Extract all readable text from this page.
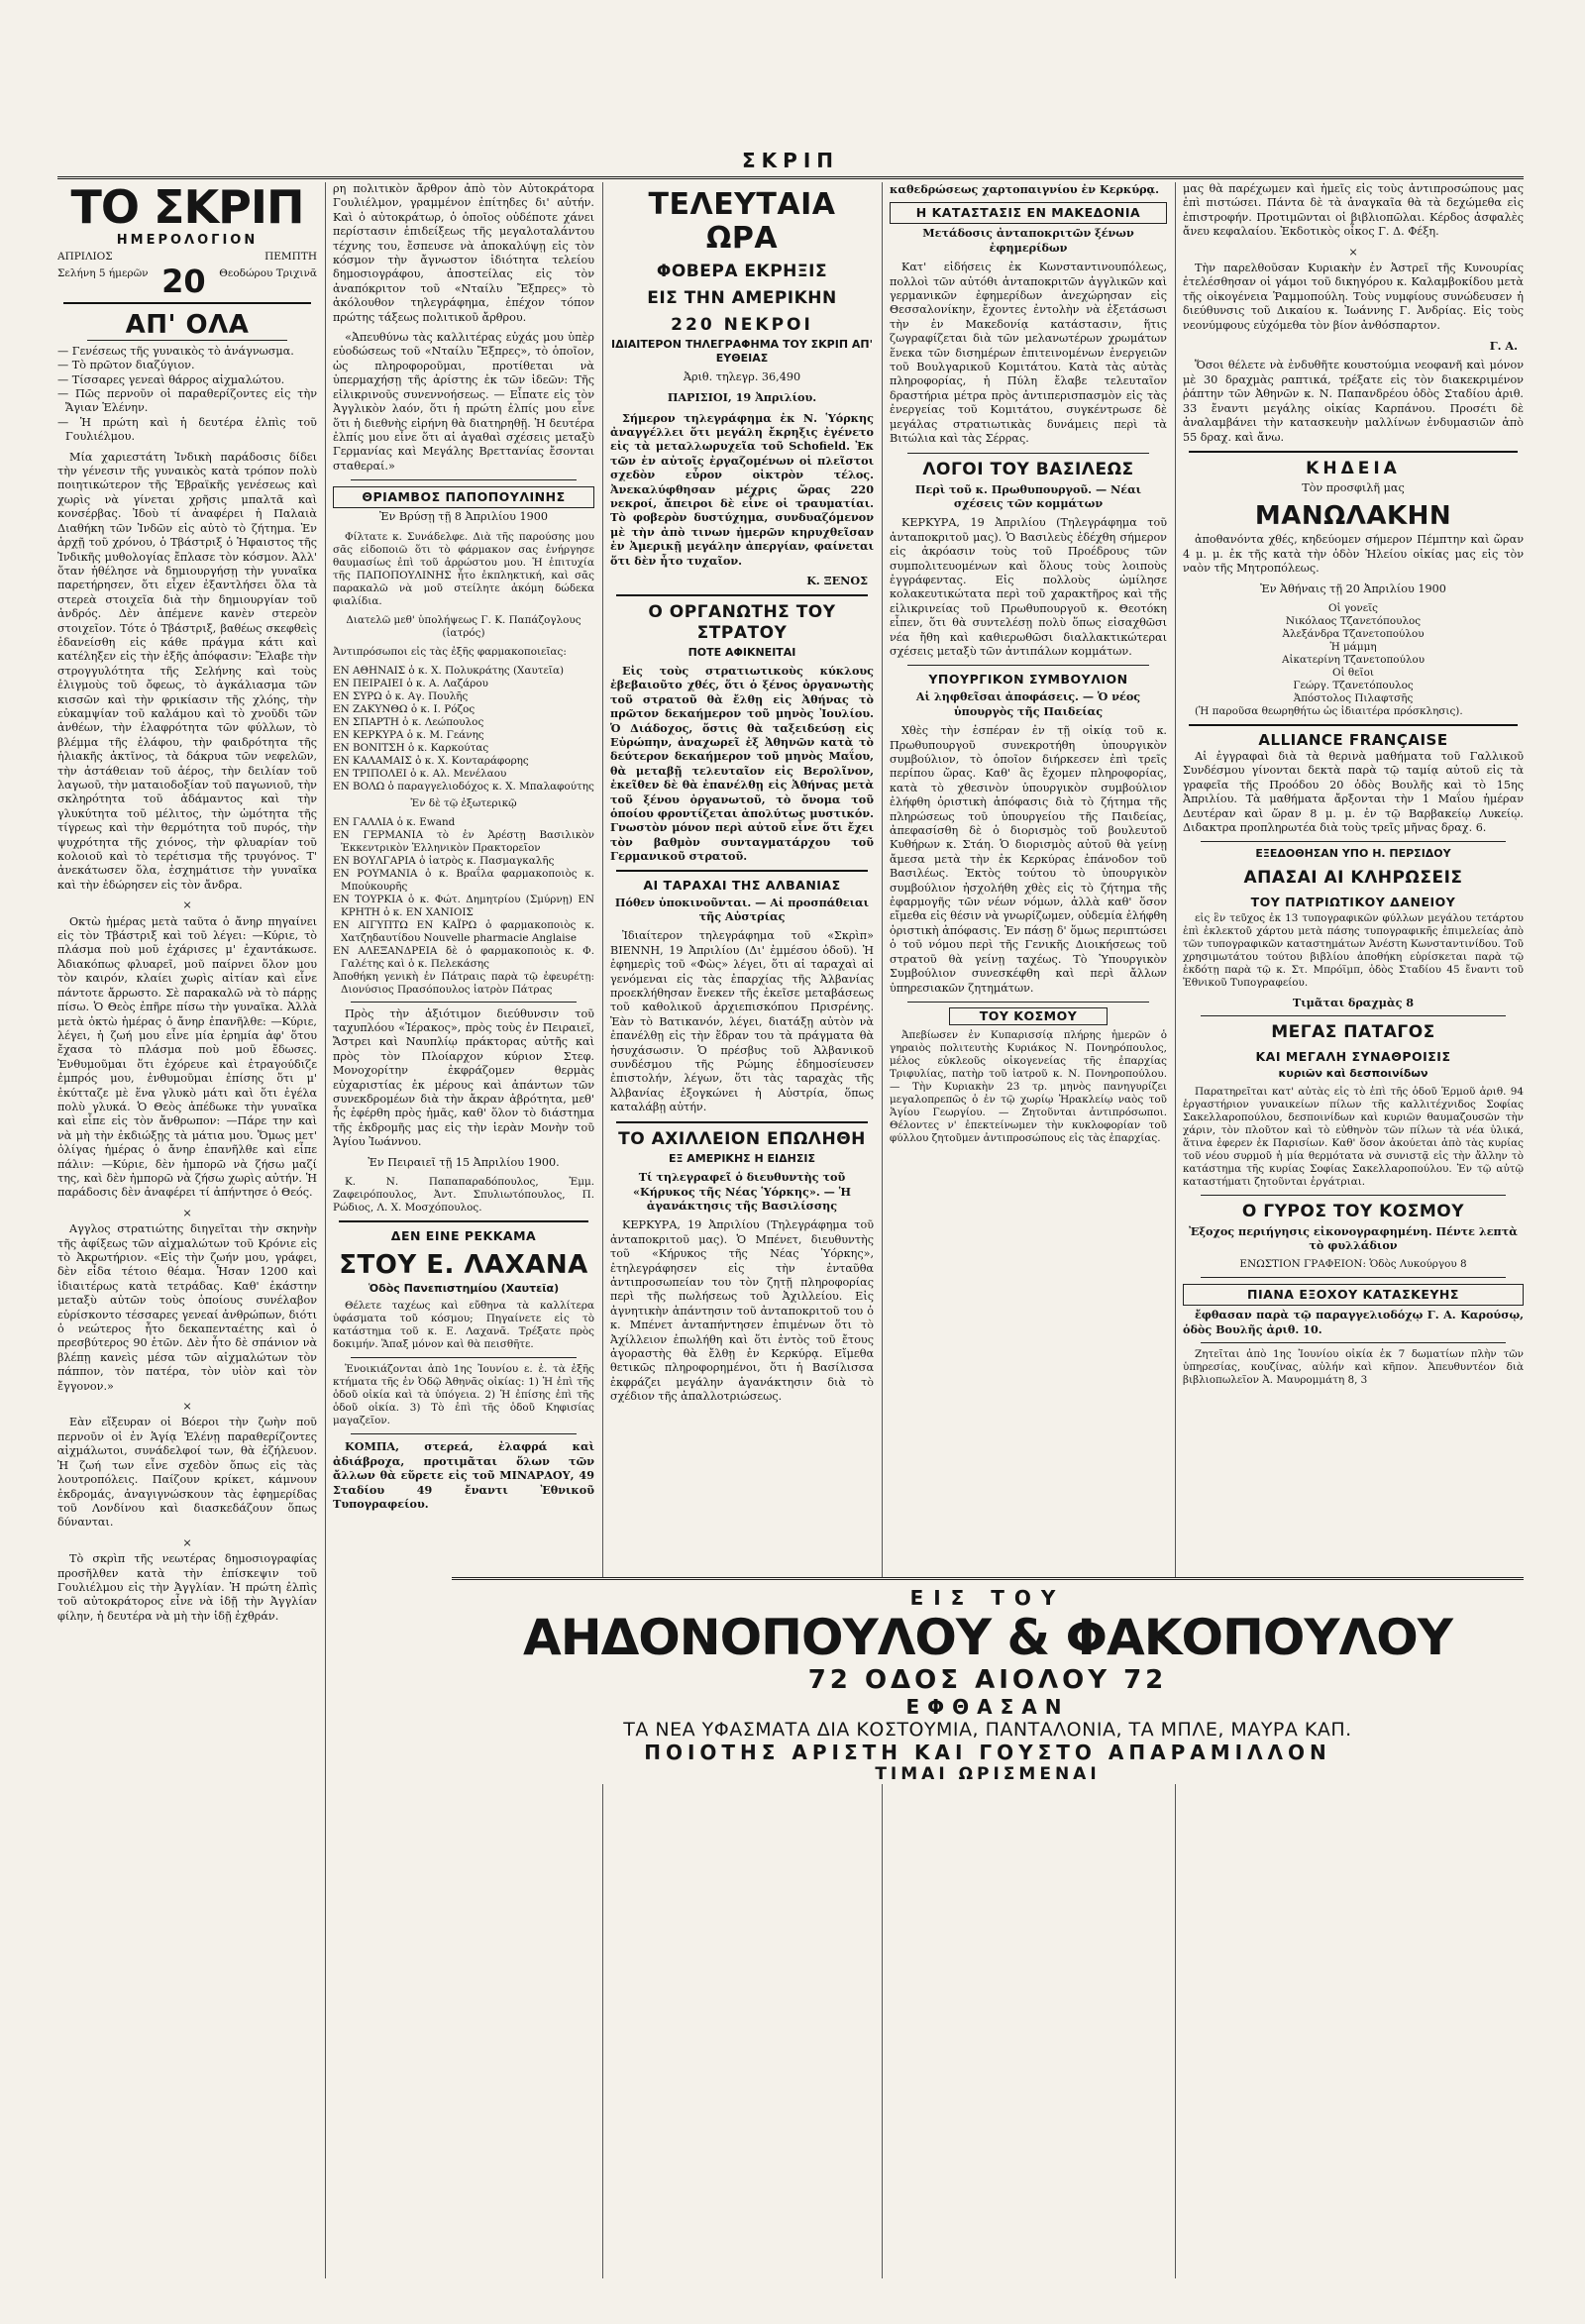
ΣΚΡΙΠ
ΤΟ ΣΚΡΙΠ
ΗΜΕΡΟΛΟΓΙΟΝ
ΑΠΡΙΛΙΟΣ	ΠΕΜΠΤΗ
Σελήνη 5 ήμερῶν 20 Θεοδώρου Τριχινᾶ
ΑΠ' ΟΛΑ
— Γενέσεως τῆς γυναικὸς τὸ ἀνάγνωσμα.
— Τὸ πρῶτον διαζύγιον.
— Τίσσαρες γενεαὶ θάρρος αἰχμαλώτου.
— Πῶς περνοῦν οἱ παραθερίζοντες εἰς τὴν Ἄγιαν Ἑλένην.
— Ἡ πρώτη καὶ ἡ δευτέρα ἐλπὶς τοῦ Γουλιέλμου.

Μία χαριεστάτη Ἰνδικὴ παράδοσις δίδει τὴν γένεσιν τῆς γυναικὸς κατὰ τρόπον πολὺ ποιητικώτερον τῆς Ἑβραϊκῆς γενέσεως καὶ χωρὶς νὰ γίνεται χρῆσις μπαλτᾶ καὶ κονσέρβας. Ἰδοὺ τί ἀναφέρει ἡ Παλαιὰ Διαθήκη τῶν Ἰνδῶν εἰς αὐτὸ τὸ ζήτημα. Ἐν ἀρχῇ τοῦ χρόνου, ὁ Τβάστριξ ὁ Ἡφαιστος τῆς Ἰνδικῆς μυθολογίας ἔπλασε τὸν κόσμον. Ἀλλ' ὅταν ἠθέλησε νὰ δημιουργήσῃ τὴν γυναῖκα παρετήρησεν, ὅτι εἶχεν ἐξαντλήσει ὅλα τὰ στερεὰ στοιχεῖα διὰ τὴν δημιουργίαν τοῦ ἀνδρός. Δὲν ἀπέμενε κανὲν στερεὸν στοιχεῖον. Τότε ὁ Τβάστριξ, βαθέως σκεφθεὶς ἐδανείσθη εἰς κάθε πράγμα κάτι καὶ κατέληξεν εἰς τὴν ἐξῆς ἀπόφασιν: Ἔλαβε τὴν στρογγυλότητα τῆς Σελήνης καὶ τοὺς ἑλιγμοὺς τοῦ ὄφεως, τὸ ἀγκάλιασμα τῶν κισσῶν καὶ τὴν φρικίασιν τῆς χλόης, τὴν εὐκαμψίαν τοῦ καλάμου καὶ τὸ χνοῦδι τῶν ἀνθέων, τὴν ἐλαφρότητα τῶν φύλλων, τὸ βλέμμα τῆς ἐλάφου, τὴν φαιδρότητα τῆς ἡλιακῆς ἀκτῖνος, τὰ δάκρυα τῶν νεφελῶν, τὴν ἀστάθειαν τοῦ ἀέρος, τὴν δειλίαν τοῦ λαγωοῦ, τὴν ματαιοδοξίαν τοῦ παγωνιοῦ, τὴν σκληρότητα τοῦ ἀδάμαντος καὶ τὴν γλυκύτητα τοῦ μέλιτος, τὴν ὠμότητα τῆς τίγρεως καὶ τὴν θερμότητα τοῦ πυρός, τὴν ψυχρότητα τῆς χιόνος, τὴν φλυαρίαν τοῦ κολοιοῦ καὶ τὸ τερέτισμα τῆς τρυγόνος. Τ' ἀνεκάτωσεν ὅλα, ἐσχημάτισε τὴν γυναῖκα καὶ τὴν ἐδώρησεν εἰς τὸν ἄνδρα.

×

Οκτὼ ἡμέρας μετὰ ταῦτα ὁ ἄνηρ πηγαίνει εἰς τὸν Τβάστριξ καὶ τοῦ λέγει: —Κύριε, τὸ πλάσμα ποὺ μοῦ ἐχάρισες μ' ἐχαντάκωσε. Ἀδιακόπως φλυαρεῖ, μοῦ παίρνει ὅλον μου τὸν καιρόν, κλαίει χωρὶς αἰτίαν καὶ εἶνε πάντοτε ἄρρωστο. Σὲ παρακαλῶ νὰ τὸ πάρῃς πίσω. Ὁ Θεὸς ἐπῆρε πίσω τὴν γυναῖκα. Ἀλλὰ μετὰ ὀκτὼ ἡμέρας ὁ ἄνηρ ἐπανῆλθε: —Κύριε, λέγει, ἡ ζωή μου εἶνε μία ἐρημία ἀφ' ὅτου ἔχασα τὸ πλάσμα ποὺ μοῦ ἔδωσες. Ἐνθυμοῦμαι ὅτι ἐχόρευε καὶ ἐτραγούδιζε ἐμπρός μου, ἐνθυμοῦμαι ἐπίσης ὅτι μ' ἐκύτταζε μὲ ἕνα γλυκὸ μάτι καὶ ὅτι ἐγέλα πολὺ γλυκά. Ὁ Θεὸς ἀπέδωκε τὴν γυναῖκα καὶ εἶπε εἰς τὸν ἄνθρωπον: —Πάρε την καὶ νὰ μὴ τὴν ἐκδιώξῃς τὰ μάτια μου. Ὅμως μετ' ὀλίγας ἡμέρας ὁ ἄνηρ ἐπανῆλθε καὶ εἶπε πάλιν: —Κύριε, δὲν ἠμπορῶ νὰ ζήσω μαζί της, καὶ δὲν ἠμπορῶ νὰ ζήσω χωρὶς αὐτήν. Ἡ παράδοσις δὲν ἀναφέρει τί ἀπήντησε ὁ Θεός.

×

Αγγλος στρατιώτης διηγεῖται τὴν σκηνὴν τῆς ἀφίξεως τῶν αἰχμαλώτων τοῦ Κρόνιε εἰς τὸ Ἀκρωτήριον. «Εἰς τὴν ζωήν μου, γράφει, δὲν εἶδα τέτοιο θέαμα. Ἦσαν 1200 καὶ ἰδιαιτέρως κατὰ τετράδας. Καθ' ἑκάστην μεταξὺ αὐτῶν τοὺς ὁποίους συνέλαβον εὑρίσκοντο τέσσαρες γενεαί ἀνθρώπων, διότι ὁ νεώτερος ἦτο δεκαπενταέτης καὶ ὁ πρεσβύτερος 90 ἐτῶν. Δὲν ἦτο δὲ σπάνιον νὰ βλέπῃ κανεὶς μέσα τῶν αἰχμαλώτων τὸν πάππον, τὸν πατέρα, τὸν υἱὸν καὶ τὸν ἔγγονον.»

×

Εὰν εἴξευραν οἱ Βόεροι τὴν ζωὴν ποῦ περνοῦν οἱ ἐν Ἁγίᾳ Ἑλένῃ παραθερίζοντες αἰχμάλωτοι, συνάδελφοί των, θὰ ἐζήλευον. Ἡ ζωή των εἶνε σχεδὸν ὅπως εἰς τὰς λουτροπόλεις. Παίζουν κρίκετ, κάμνουν ἐκδρομάς, ἀναγιγνώσκουν τὰς ἐφημερίδας τοῦ Λονδίνου καὶ διασκεδάζουν ὅπως δύνανται.

×

Τὸ σκρὶπ τῆς νεωτέρας δημοσιογραφίας προσῆλθεν κατὰ τὴν ἐπίσκεψιν τοῦ Γουλιέλμου εἰς τὴν Ἀγγλίαν. Ἡ πρώτη ἐλπὶς τοῦ αὐτοκράτορος εἶνε νὰ ἰδῇ τὴν Ἀγγλίαν φίλην, ἡ δευτέρα νὰ μὴ τὴν ἰδῇ ἐχθράν.

ρη πολιτικὸν ἄρθρον ἀπὸ τὸν Αὐτοκράτορα Γουλιέλμον, γραμμένον ἐπίτηδες δι' αὐτήν. Καὶ ὁ αὐτοκράτωρ, ὁ ὁποῖος οὐδέποτε χάνει περίστασιν ἐπιδείξεως τῆς μεγαλοταλάντου τέχνης του, ἔσπευσε νὰ ἀποκαλύψῃ εἰς τὸν κόσμον τὴν ἄγνωστον ἰδιότητα τελείου δημοσιογράφου, ἀποστείλας εἰς τὸν ἀναπόκριτον τοῦ «Νταίλυ Ἔξπρες» τὸ ἀκόλουθον τηλεγράφημα, ἐπέχον τόπον πρώτης τάξεως πολιτικοῦ ἄρθρου.

«Ἀπευθύνω τὰς καλλιτέρας εὐχάς μου ὑπὲρ εὐοδώσεως τοῦ «Νταίλυ Ἔξπρες», τὸ ὁποῖον, ὡς πληροφοροῦμαι, προτίθεται νὰ ὑπερμαχήσῃ τῆς ἀρίστης ἐκ τῶν ἰδεῶν: Τῆς εἰλικρινοῦς συνεννοήσεως. — Εἶπατε εἰς τὸν Ἀγγλικὸν λαόν, ὅτι ἡ πρώτη ἐλπίς μου εἶνε ὅτι ἡ διεθνὴς εἰρήνη θὰ διατηρηθῇ. Ἡ δευτέρα ἐλπίς μου εἶνε ὅτι αἱ ἀγαθαὶ σχέσεις μεταξὺ Γερμανίας καὶ Μεγάλης Βρεττανίας ἔσονται σταθεραί.»

ΘΡΙΑΜΒΟΣ ΠΑΠΟΠΟΥΛΙΝΗΣ

Ἐν Βρύσῃ τῇ 8 Ἀπριλίου 1900

Φίλτατε κ. Συνάδελφε. Διὰ τῆς παρούσης μου σᾶς εἰδοποιῶ ὅτι τὸ φάρμακον σας ἐνήργησε θαυμασίως ἐπὶ τοῦ ἀρρώστου μου. Ἡ ἐπιτυχία τῆς ΠΑΠΟΠΟΥΛΙΝΗΣ ἦτο ἐκπληκτική, καὶ σᾶς παρακαλῶ νὰ μοῦ στείλητε ἀκόμη δώδεκα φιαλίδια.

Διατελῶ μεθ' ὑπολήψεως Γ. Κ. Παπάζογλους (ἰατρός)

Ἀντιπρόσωποι εἰς τὰς ἐξῆς φαρμακοποιεῖας:

ΕΝ ΑΘΗΝΑΙΣ ὁ κ. Χ. Πολυκράτης (Χαυτεῖα)
ΕΝ ΠΕΙΡΑΙΕΙ ὁ κ. Α. Λαζάρου
ΕΝ ΣΥΡΩ ὁ κ. Αγ. Πουλῆς
ΕΝ ΖΑΚΥΝΘΩ ὁ κ. Ι. Ρόζος
ΕΝ ΣΠΑΡΤΗ ὁ κ. Λεώπουλος
ΕΝ ΚΕΡΚΥΡΑ ὁ κ. Μ. Γεάνης
ΕΝ ΒΟΝΙΤΣΗ ὁ κ. Καρκούτας
ΕΝ ΚΑΛΑΜΑΙΣ ὁ κ. Χ. Κονταράφορης
ΕΝ ΤΡΙΠΟΛΕΙ ὁ κ. Αλ. Μενέλαου
ΕΝ ΒΟΛΩ ὁ παραγγελιοδόχος κ. Χ. Μπαλαφούτης

Ἐν δὲ τῷ ἐξωτερικῷ

ΕΝ ΓΑΛΛΙΑ ὁ κ. Ewand
ΕΝ ΓΕΡΜΑΝΙΑ τὸ ἐν Ἀρέστῃ Βασιλικὸν Ἐκκεντρικὸν Ἑλληνικὸν Πρακτορεῖον
ΕΝ ΒΟΥΛΓΑΡΙΑ ὁ ἰατρὸς κ. Πασμαγκαλῆς
ΕΝ ΡΟΥΜΑΝΙΑ ὁ κ. Βραΐλα φαρμακοποιὸς κ. Μποὐκουρῆς
ΕΝ ΤΟΥΡΚΙΑ ὁ κ. Φώτ. Δημητρίου (Σμύρνῃ) ΕΝ ΚΡΗΤΗ ὁ κ. ΕΝ ΧΑΝΙΟΙΣ
ΕΝ ΑΙΓΥΠΤΩ ΕΝ ΚΑΪΡΩ ὁ φαρμακοποιὸς κ. Χατζηδαυτίδου Nouvelle pharmacie Anglaise
ΕΝ ΑΛΕΞΑΝΔΡΕΙΑ δὲ ὁ φαρμακοποιὸς κ. Φ. Γαλέτης καὶ ὁ κ. Πελεκάσης
Ἀποθήκη γενικὴ ἐν Πάτραις παρὰ τῷ ἐφευρέτῃ: Διονύσιος Πρασόπουλος ἰατρὸν Πάτρας

Πρὸς τὴν ἀξιότιμον διεύθυνσιν τοῦ ταχυπλόου «Ἰέρακος», πρὸς τοὺς ἐν Πειραιεῖ, Ἄστρει καὶ Ναυπλίῳ πράκτορας αὐτῆς καὶ πρὸς τὸν Πλοίαρχον κύριον Στεφ. Μονοχορίτην ἐκφράζομεν θερμὰς εὐχαριστίας ἐκ μέρους καὶ ἁπάντων τῶν συνεκδρομέων διὰ τὴν ἄκραν ἀβρότητα, μεθ' ἧς ἐφέρθη πρὸς ἡμᾶς, καθ' ὅλον τὸ διάστημα τῆς ἐκδρομῆς μας εἰς τὴν ἱερὰν Μονὴν τοῦ Ἁγίου Ἰωάννου.

Ἐν Πειραιεῖ τῇ 15 Ἀπριλίου 1900.

Κ. Ν. Παπαπαραδόπουλος, Ἐμμ. Ζαφειρόπουλος, Ἀντ. Σπυλιωτόπουλος, Π. Ρώδιος, Λ. Χ. Μοσχόπουλος.

ΔΕΝ ΕΙΝΕ ΡΕΚΚΑΜΑ
ΣΤΟΥ Ε. ΛΑΧΑΝΑ
Ὁδὸς Πανεπιστημίου (Χαυτεῖα)

Θέλετε ταχέως καὶ εὔθηνα τὰ καλλίτερα ὑφάσματα τοῦ κόσμου; Πηγαίνετε εἰς τὸ κατάστημα τοῦ κ. Ε. Λαχανᾶ. Τρέξατε πρὸς δοκιμήν. Ἅπαξ μόνον καὶ θὰ πεισθῆτε.

Ἐνοικιάζονται ἀπὸ 1ης Ἰουνίου ε. ἐ. τὰ ἐξῆς κτήματα τῆς ἐν Ὀδῷ Ἀθηνᾶς οἰκίας: 1) Ἡ ἐπὶ τῆς ὁδοῦ οἰκία καὶ τὰ ὑπόγεια. 2) Ἡ ἐπίσης ἐπὶ τῆς ὁδοῦ οἰκία. 3) Τὸ ἐπὶ τῆς ὁδοῦ Κηφισίας μαγαζεῖον.

ΚΟΜΠΑ, στερεά, ἐλαφρά καὶ ἀδιάβροχα, προτιμᾶται ὅλων τῶν ἄλλων θὰ εὕρετε εἰς τοῦ ΜΙΝΑΡΑΟΥ, 49 Σταδίου 49 ἔναντι Ἐθνικοῦ Τυπογραφείου.

ΤΕΛΕΥΤΑΙΑ ΩΡΑ
ΦΟΒΕΡΑ ΕΚΡΗΞΙΣ
ΕΙΣ ΤΗΝ ΑΜΕΡΙΚΗΝ
220 ΝΕΚΡΟΙ
ΙΔΙΑΙΤΕΡΟΝ ΤΗΛΕΓΡΑΦΗΜΑ ΤΟΥ ΣΚΡΙΠ ΑΠ' ΕΥΘΕΙΑΣ

Ἀριθ. τηλεγρ. 36,490

ΠΑΡΙΣΙΟΙ, 19 Ἀπριλίου.

Σήμερον τηλεγράφημα ἐκ Ν. Ὑόρκης ἀναγγέλλει ὅτι μεγάλη ἔκρηξις ἐγένετο εἰς τὰ μεταλλωρυχεῖα τοῦ Schofield. Ἐκ τῶν ἐν αὐτοῖς ἐργαζομένων οἱ πλεῖστοι σχεδὸν εὗρον οἰκτρὸν τέλος. Ἀνεκαλύφθησαν μέχρις ὥρας 220 νεκροί, ἄπειροι δὲ εἶνε οἱ τραυματίαι. Τὸ φοβερὸν δυστύχημα, συνδυαζόμενον μὲ τὴν ἀπὸ τινων ἡμερῶν κηρυχθεῖσαν ἐν Ἀμερικῇ μεγάλην ἀπεργίαν, φαίνεται ὅτι δὲν ἦτο τυχαῖον.

Κ. ΞΕΝΟΣ
Ο ΟΡΓΑΝΩΤΗΣ ΤΟΥ ΣΤΡΑΤΟΥ
ΠΟΤΕ ΑΦΙΚΝΕΙΤΑΙ

Εἰς τοὺς στρατιωτικοὺς κύκλους ἐβεβαιοῦτο χθές, ὅτι ὁ ξένος ὀργανωτὴς τοῦ στρατοῦ θὰ ἔλθῃ εἰς Ἀθήνας τὸ πρῶτον δεκαήμερον τοῦ μηνὸς Ἰουλίου. Ὁ Διάδοχος, ὅστις θὰ ταξειδεύσῃ εἰς Εὐρώπην, ἀναχωρεῖ ἐξ Ἀθηνῶν κατὰ τὸ δεύτερον δεκαήμερον τοῦ μηνὸς Μαΐου, θὰ μεταβῇ τελευταῖον εἰς Βερολῖνον, ἐκεῖθεν δὲ θὰ ἐπανέλθῃ εἰς Ἀθήνας μετὰ τοῦ ξένου ὀργανωτοῦ, τὸ ὄνομα τοῦ ὁποίου φροντίζεται ἀπολύτως μυστικόν. Γνωστὸν μόνον περὶ αὐτοῦ εἶνε ὅτι ἔχει τὸν βαθμὸν συνταγματάρχου τοῦ Γερμανικοῦ στρατοῦ.

ΑΙ ΤΑΡΑΧΑΙ ΤΗΣ ΑΛΒΑΝΙΑΣ

Πόθεν ὑποκινοῦνται. — Αἱ προσπάθειαι τῆς Αὐστρίας

Ἰδιαίτερον τηλεγράφημα τοῦ «Σκρὶπ» ΒΙΕΝΝΗ, 19 Ἀπριλίου (Δι' ἐμμέσου ὁδοῦ). Ἡ ἐφημερὶς τοῦ «Φὼς» λέγει, ὅτι αἱ ταραχαὶ αἱ γενόμεναι εἰς τὰς ἐπαρχίας τῆς Ἀλβανίας προεκλήθησαν ἕνεκεν τῆς ἐκεῖσε μεταβάσεως τοῦ καθολικοῦ ἀρχιεπισκόπου Πρισρένης. Ἐὰν τὸ Βατικανόν, λέγει, διατάξῃ αὐτὸν νὰ ἐπανέλθῃ εἰς τὴν ἕδραν του τὰ πράγματα θὰ ἡσυχάσωσιν. Ὁ πρέσβυς τοῦ Ἀλβανικοῦ συνδέσμου τῆς Ρώμης ἐδημοσίευσεν ἐπιστολήν, λέγων, ὅτι τὰς ταραχὰς τῆς Ἀλβανίας ἐξογκώνει ἡ Αὐστρία, ὅπως καταλάβῃ αὐτήν.

ΤΟ ΑΧΙΛΛΕΙΟΝ ΕΠΩΛΗΘΗ
ΕΞ ΑΜΕΡΙΚΗΣ Η ΕΙΔΗΣΙΣ

Τί τηλεγραφεῖ ὁ διευθυντὴς τοῦ «Κήρυκος τῆς Νέας Ὑόρκης». — Ἡ ἀγανάκτησις τῆς Βασιλίσσης

ΚΕΡΚΥΡΑ, 19 Ἀπριλίου (Τηλεγράφημα τοῦ ἀνταποκριτοῦ μας). Ὁ Μπένετ, διευθυντὴς τοῦ «Κήρυκος τῆς Νέας Ὑόρκης», ἐτηλεγράφησεν εἰς τὴν ἐνταῦθα ἀντιπροσωπείαν του τὸν ζητῇ πληροφορίας περὶ τῆς πωλήσεως τοῦ Ἀχιλλείου. Εἰς ἀγνητικὴν ἀπάντησιν τοῦ ἀνταποκριτοῦ του ὁ κ. Μπένετ ἀνταπήντησεν ἐπιμένων ὅτι τὸ Ἀχίλλειον ἐπωλήθη καὶ ὅτι ἐντὸς τοῦ ἔτους ἀγοραστὴς θὰ ἔλθῃ ἐν Κερκύρᾳ. Εἴμεθα θετικῶς πληροφορημένοι, ὅτι ἡ Βασίλισσα ἐκφράζει μεγάλην ἀγανάκτησιν διὰ τὸ σχέδιον τῆς ἀπαλλοτριώσεως.

καθεδρώσεως χαρτοπαιγνίου ἐν Κερκύρᾳ.

Η ΚΑΤΑΣΤΑΣΙΣ ΕΝ ΜΑΚΕΔΟΝΙΑ

Μετάδοσις ἀνταποκριτῶν ξένων ἐφημερίδων

Κατ' εἰδήσεις ἐκ Κωνσταντινουπόλεως, πολλοὶ τῶν αὐτόθι ἀνταποκριτῶν ἀγγλικῶν καὶ γερμανικῶν ἐφημερίδων ἀνεχώρησαν εἰς Θεσσαλονίκην, ἔχοντες ἐντολὴν νὰ ἐξετάσωσι τὴν ἐν Μακεδονίᾳ κατάστασιν, ἥτις ζωγραφίζεται διὰ τῶν μελανωτέρων χρωμάτων ἕνεκα τῶν δισημέρων ἐπιτεινομένων ἐνεργειῶν τοῦ Βουλγαρικοῦ Κομιτάτου. Κατὰ τὰς αὐτὰς πληροφορίας, ἡ Πύλη ἔλαβε τελευταῖον δραστήρια μέτρα πρὸς ἀντιπερισπασμὸν εἰς τὰς ἐνεργείας τοῦ Κομιτάτου, συγκέντρωσε δὲ μεγάλας στρατιωτικὰς δυνάμεις περὶ τὰ Βιτώλια καὶ τὰς Σέρρας.

ΛΟΓΟΙ ΤΟΥ ΒΑΣΙΛΕΩΣ

Περὶ τοῦ κ. Πρωθυπουργοῦ. — Νέαι σχέσεις τῶν κομμάτων

ΚΕΡΚΥΡΑ, 19 Ἀπριλίου (Τηλεγράφημα τοῦ ἀνταποκριτοῦ μας). Ὁ Βασιλεὺς ἐδέχθη σήμερον εἰς ἀκρόασιν τοὺς τοῦ Προέδρους τῶν συμπολιτευομένων καὶ ὅλους τοὺς λοιποὺς ἐγγράφεντας. Εἰς πολλοὺς ὡμίλησε κολακευτικώτατα περὶ τοῦ χαρακτῆρος καὶ τῆς εἰλικρινείας τοῦ Πρωθυπουργοῦ κ. Θεοτόκη εἶπεν, ὅτι θὰ συντελέσῃ πολὺ ὅπως εἰσαχθῶσι νέα ἤθη καὶ καθιερωθῶσι διαλλακτικώτεραι σχέσεις μεταξὺ τῶν ἀντιπάλων κομμάτων.

ΥΠΟΥΡΓΙΚΟΝ ΣΥΜΒΟΥΛΙΟΝ

Αἱ ληφθεῖσαι ἀποφάσεις. — Ὁ νέος ὑπουργὸς τῆς Παιδείας

Χθὲς τὴν ἑσπέραν ἐν τῇ οἰκίᾳ τοῦ κ. Πρωθυπουργοῦ συνεκροτήθη ὑπουργικὸν συμβούλιον, τὸ ὁποῖον διήρκεσεν ἐπὶ τρεῖς περίπου ὥρας. Καθ' ἃς ἔχομεν πληροφορίας, κατὰ τὸ χθεσινὸν ὑπουργικὸν συμβούλιον ἐλήφθη ὁριστικὴ ἀπόφασις διὰ τὸ ζήτημα τῆς πληρώσεως τοῦ ὑπουργείου τῆς Παιδείας, ἀπεφασίσθη δὲ ὁ διορισμὸς τοῦ βουλευτοῦ Κυθήρων κ. Στάη. Ὁ διορισμὸς αὐτοῦ θὰ γείνῃ ἄμεσα μετὰ τὴν ἐκ Κερκύρας ἐπάνοδον τοῦ Βασιλέως. Ἐκτὸς τούτου τὸ ὑπουργικὸν συμβούλιον ἠσχολήθη χθὲς εἰς τὸ ζήτημα τῆς ἐφαρμογῆς τῶν νέων νόμων, ἀλλὰ καθ' ὅσον εἴμεθα εἰς θέσιν νὰ γνωρίζωμεν, οὐδεμία ἐλήφθη ὁριστικὴ ἀπόφασις. Ἐν πάσῃ δ' ὅμως περιπτώσει ὁ τοῦ νόμου περὶ τῆς Γενικῆς Διοικήσεως τοῦ στρατοῦ θὰ γείνῃ ταχέως. Τὸ Ὑπουργικὸν Συμβούλιον συνεσκέφθη καὶ περὶ ἄλλων ὑπηρεσιακῶν ζητημάτων.

ΤΟΥ ΚΟΣΜΟΥ

Ἀπεβίωσεν ἐν Κυπαρισσίᾳ πλήρης ἡμερῶν ὁ γηραιὸς πολιτευτὴς Κυριάκος Ν. Πονηρόπουλος, μέλος εὐκλεοῦς οἰκογενείας τῆς ἐπαρχίας Τριφυλίας, πατὴρ τοῦ ἰατροῦ κ. Ν. Πονηροπούλου. — Τὴν Κυριακὴν 23 τρ. μηνὸς πανηγυρίζει μεγαλοπρεπῶς ὁ ἐν τῷ χωρίῳ Ἡρακλείῳ ναὸς τοῦ Ἁγίου Γεωργίου. — Ζητοῦνται ἀντιπρόσωποι. Θέλοντες ν' ἐπεκτείνωμεν τὴν κυκλοφορίαν τοῦ φύλλου ζητοῦμεν ἀντιπροσώπους εἰς τὰς ἐπαρχίας.

μας θὰ παρέχωμεν καὶ ἡμεῖς εἰς τοὺς ἀντιπροσώπους μας ἐπὶ πιστώσει. Πάντα δὲ τὰ ἀναγκαῖα θὰ τὰ δεχώμεθα εἰς ἐπιστροφήν. Προτιμῶνται οἱ βιβλιοπῶλαι. Κέρδος ἀσφαλὲς ἄνευ κεφαλαίου. Ἐκδοτικὸς οἶκος Γ. Δ. Φέξη.

×

Τὴν παρελθοῦσαν Κυριακὴν ἐν Ἀστρεῖ τῆς Κυνουρίας ἐτελέσθησαν οἱ γάμοι τοῦ δικηγόρου κ. Καλαμβοκίδου μετὰ τῆς οἰκογένεια Ῥαμμοπούλη. Τοὺς νυμφίους συνώδευσεν ἡ διεύθυνσις τοῦ Δικαίου κ. Ἰωάννης Γ. Ἀνδρίας. Εἰς τοὺς νεονύμφους εὐχόμεθα τὸν βίον ἀνθόσπαρτον.

Γ. Α.

Ὅσοι θέλετε νὰ ἐνδυθῆτε κουστούμια νεοφανῆ καὶ μόνον μὲ 30 δραχμὰς ραπτικά, τρέξατε εἰς τὸν διακεκριμένον ῥάπτην τῶν Ἀθηνῶν κ. Ν. Παπανδρέου ὁδὸς Σταδίου ἀριθ. 33 ἔναντι μεγάλης οἰκίας Καρπάνου. Προσέτι δὲ ἀναλαμβάνει τὴν κατασκευὴν μαλλίνων ἐνδυμασιῶν ἀπὸ 55 δραχ. καὶ ἄνω.

ΚΗΔΕΙΑ

Τὸν προσφιλῆ μας

ΜΑΝΩΛΑΚΗΝ

ἀποθανόντα χθές, κηδεύομεν σήμερον Πέμπτην καὶ ὥραν 4 μ. μ. ἐκ τῆς κατὰ τὴν ὁδὸν Ἡλείου οἰκίας μας εἰς τὸν ναὸν τῆς Μητροπόλεως.

Ἐν Ἀθήναις τῇ 20 Ἀπριλίου 1900

Οἱ γονεῖς
Νικόλαος Τζανετόπουλος
Ἀλεξάνδρα Τζανετοπούλου
Ἡ μάμμη
Αἰκατερίνη Τζανετοπούλου
Οἱ θεῖοι
Γεώργ. Τζανετόπουλος
Ἀπόστολος Πιλαφτσῆς

(Ἡ παροῦσα θεωρηθήτω ὡς ἰδιαιτέρα πρόσκλησις).

ALLIANCE FRANÇAISE

Αἱ ἐγγραφαὶ διὰ τὰ θερινὰ μαθήματα τοῦ Γαλλικοῦ Συνδέσμου γίνονται δεκτὰ παρὰ τῷ ταμίᾳ αὐτοῦ εἰς τὰ γραφεῖα τῆς Προόδου 20 ὁδὸς Βουλῆς καὶ τὸ 15ης Ἀπριλίου. Τὰ μαθήματα ἄρξονται τὴν 1 Μαΐου ἡμέραν Δευτέραν καὶ ὥραν 8 μ. μ. ἐν τῷ Βαρβακείῳ Λυκείῳ. Διδακτρα προπληρωτέα διὰ τοὺς τρεῖς μῆνας δραχ. 6.

ΕΞΕΔΟΘΗΣΑΝ ΥΠΟ Η. ΠΕΡΣΙΔΟΥ
ΑΠΑΣΑΙ ΑΙ ΚΛΗΡΩΣΕΙΣ
ΤΟΥ ΠΑΤΡΙΩΤΙΚΟΥ ΔΑΝΕΙΟΥ

εἰς ἓν τεῦχος ἐκ 13 τυπογραφικῶν φύλλων μεγάλου τετάρτου ἐπὶ ἐκλεκτοῦ χάρτου μετὰ πάσης τυπογραφικῆς ἐπιμελείας ἀπὸ τῶν τυπογραφικῶν καταστημάτων Ἀνέστη Κωνσταντινίδου. Τοῦ χρησιμωτάτου τούτου βιβλίου ἀποθήκη εὑρίσκεται παρὰ τῷ ἐκδότῃ παρὰ τῷ κ. Στ. Μπρόϊμπ, ὁδὸς Σταδίου 45 ἔναντι τοῦ Ἐθνικοῦ Τυπογραφείου.

Τιμᾶται δραχμὰς 8

ΜΕΓΑΣ ΠΑΤΑΓΟΣ
ΚΑΙ ΜΕΓΑΛΗ ΣΥΝΑΘΡΟΙΣΙΣ
κυριῶν καὶ δεσποινίδων

Παρατηρεῖται κατ' αὐτὰς εἰς τὸ ἐπὶ τῆς ὁδοῦ Ἑρμοῦ ἀριθ. 94 ἐργαστήριον γυναικείων πίλων τῆς καλλιτέχνιδος Σοφίας Σακελλαροπούλου, δεσποινίδων καὶ κυριῶν θαυμαζουσῶν τὴν χάριν, τὸν πλοῦτον καὶ τὸ εὐθηνὸν τῶν πίλων τὰ νέα ὑλικά, ἅτινα ἐφερεν ἐκ Παρισίων. Καθ' ὅσον ἀκούεται ἀπὸ τὰς κυρίας τοῦ νέου συρμοῦ ἡ μία θερμότατα νὰ συνιστᾷ εἰς τὴν ἄλλην τὸ κατάστημα τῆς κυρίας Σοφίας Σακελλαροπούλου. Ἐν τῷ αὐτῷ καταστήματι ζητοῦνται ἐργάτριαι.

Ο ΓΥΡΟΣ ΤΟΥ ΚΟΣΜΟΥ

Ἐξοχος περιήγησις εἰκονογραφημένη. Πέντε λεπτὰ τὸ φυλλάδιον

ΕΝΩΣΤΙΟΝ ΓΡΑΦΕΙΟΝ: Ὁδὸς Λυκούργου 8

ΠΙΑΝΑ ΕΞΟΧΟΥ ΚΑΤΑΣΚΕΥΗΣ

ἔφθασαν παρὰ τῷ παραγγελιοδόχῳ Γ. Α. Καρούσῳ, ὁδὸς Βουλῆς ἀριθ. 10.

Ζητεῖται ἀπὸ 1ης Ἰουνίου οἰκία ἐκ 7 δωματίων πλὴν τῶν ὑπηρεσίας, κουζίνας, αὐλήν καὶ κῆπον. Ἀπευθυντέον διὰ βιβλιοπωλεῖον Ἀ. Μαυρομμάτη 8, 3

ΕΙΣ ΤΟΥ
ΑΗΔΟΝΟΠΟΥΛΟΥ & ΦΑΚΟΠΟΥΛΟΥ
72 ΟΔΟΣ ΑΙΟΛΟΥ 72
ΕΦΘΑΣΑΝ
ΤΑ ΝΕΑ ΥΦΑΣΜΑΤΑ ΔΙΑ ΚΟΣΤΟΥΜΙΑ, ΠΑΝΤΑΛΟΝΙΑ, ΤΑ ΜΠΛΕ, ΜΑΥΡΑ ΚΑΠ.
ΠΟΙΟΤΗΣ ΑΡΙΣΤΗ ΚΑΙ ΓΟΥΣΤΟ ΑΠΑΡΑΜΙΛΛΟΝ
ΤΙΜΑΙ ΩΡΙΣΜΕΝΑΙ
